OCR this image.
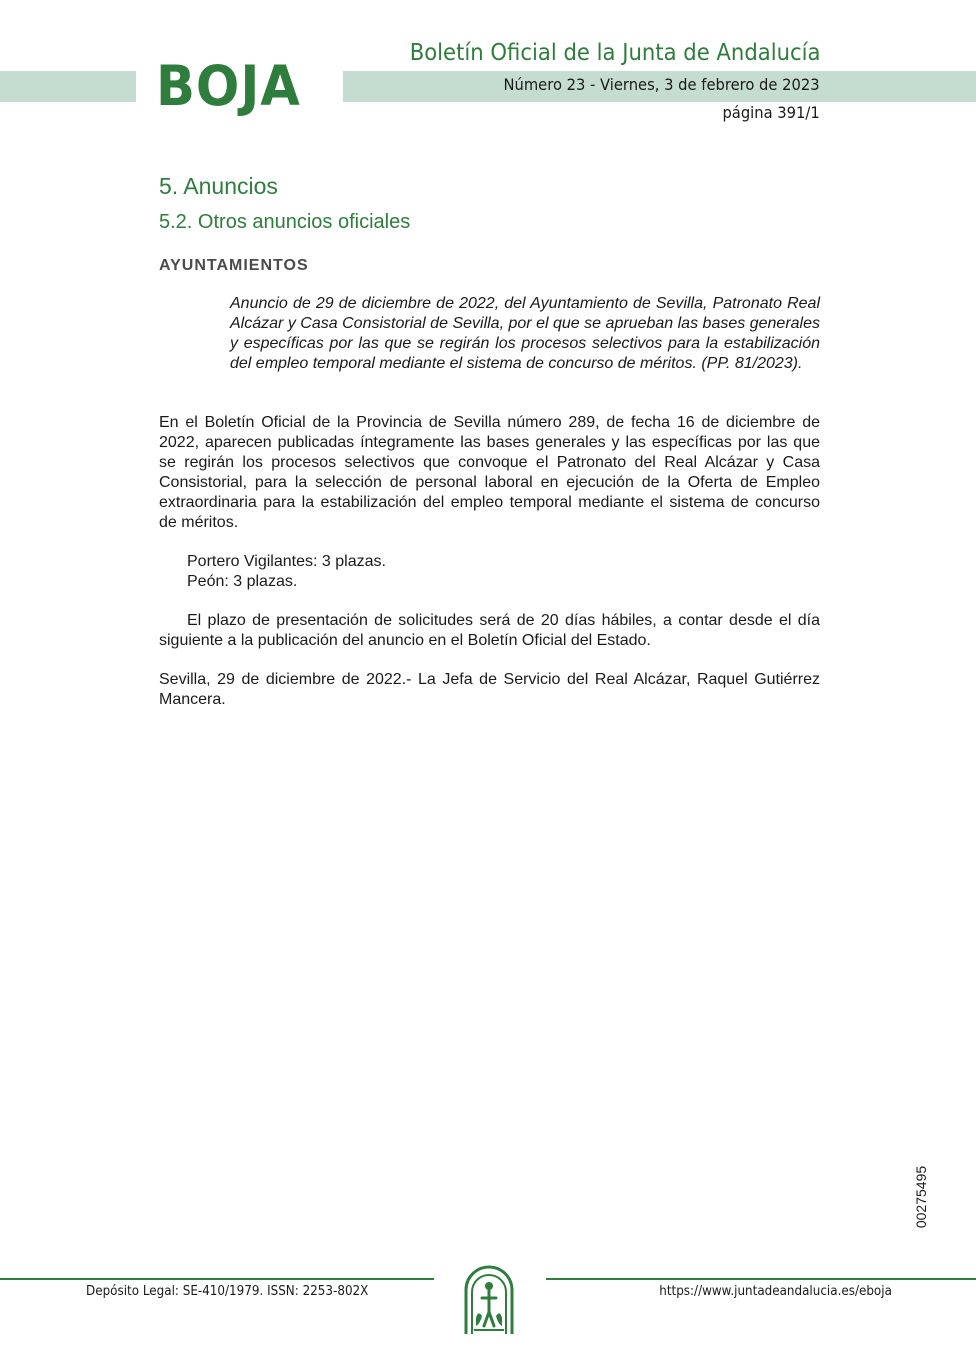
BOJA
Boletín Oficial de la Junta de Andalucía
Número 23 - Viernes, 3 de febrero de 2023
página 391/1
5. Anuncios
5.2. Otros anuncios oficiales
AYUNTAMIENTOS

Anuncio de 29 de diciembre de 2022, del Ayuntamiento de Sevilla, Patronato Real Alcázar y Casa Consistorial de Sevilla, por el que se aprueban las bases generales y específicas por las que se regirán los procesos selectivos para la estabilización del empleo temporal mediante el sistema de concurso de méritos. (PP. 81/2023).

En el Boletín Oficial de la Provincia de Sevilla número 289, de fecha 16 de diciembre de 2022, aparecen publicadas íntegramente las bases generales y las específicas por las que se regirán los procesos selectivos que convoque el Patronato del Real Alcázar y Casa Consistorial, para la selección de personal laboral en ejecución de la Oferta de Empleo extraordinaria para la estabilización del empleo temporal mediante el sistema de concurso de méritos.

Portero Vigilantes: 3 plazas.
Peón: 3 plazas.

El plazo de presentación de solicitudes será de 20 días hábiles, a contar desde el día siguiente a la publicación del anuncio en el Boletín Oficial del Estado.

Sevilla, 29 de diciembre de 2022.- La Jefa de Servicio del Real Alcázar, Raquel Gutiérrez Mancera.

00275495
Depósito Legal: SE-410/1979. ISSN: 2253-802X	https://www.juntadeandalucia.es/eboja
